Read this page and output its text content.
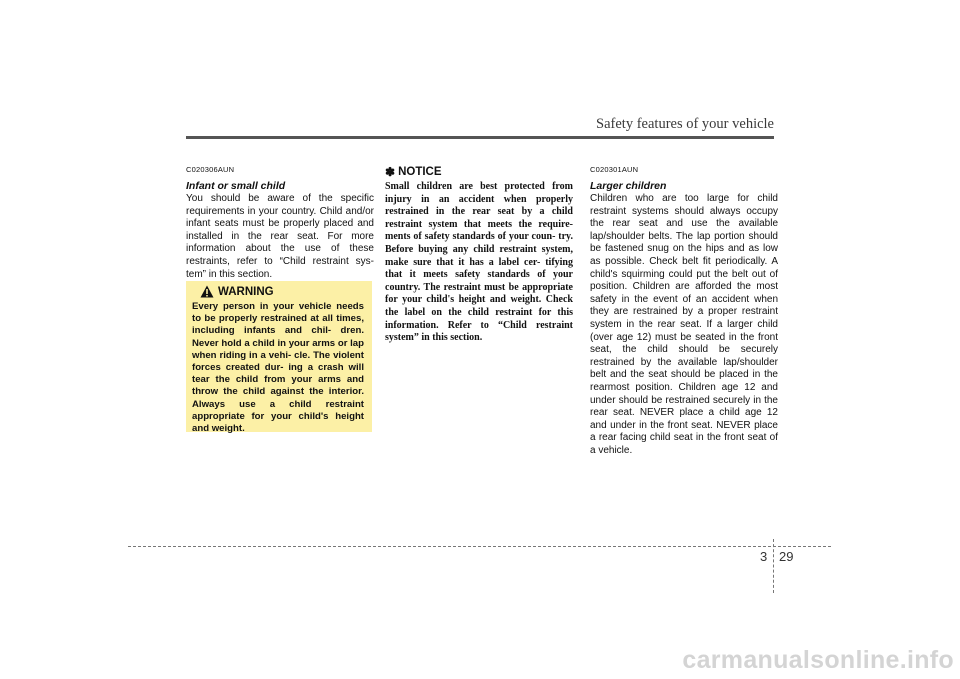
Safety features of your vehicle

C020306AUN

Infant or small child

You should be aware of the specific requirements in your country. Child and/or infant seats must be properly placed and installed in the rear seat. For more information about the use of these restraints, refer to “Child restraint sys- tem” in this section.

WARNING

Every person in your vehicle needs to be properly restrained at all times, including infants and chil- dren. Never hold a child in your arms or lap when riding in a vehi- cle. The violent forces created dur- ing a crash will tear the child from your arms and throw the child against the interior. Always use a child restraint appropriate for your child's height and weight.

✽ NOTICE

Small children are best protected from injury in an accident when properly restrained in the rear seat by a child restraint system that meets the require- ments of safety standards of your coun- try. Before buying any child restraint system, make sure that it has a label cer- tifying that it meets safety standards of your country. The restraint must be appropriate for your child's height and weight. Check the label on the child restraint for this information. Refer to “Child restraint system” in this section.

C020301AUN

Larger children

Children who are too large for child restraint systems should always occupy the rear seat and use the available lap/shoulder belts. The lap portion should be fastened snug on the hips and as low as possible. Check belt fit periodically. A child's squirming could put the belt out of position. Children are afforded the most safety in the event of an accident when they are restrained by a proper restraint system in the rear seat. If a larger child (over age 12) must be seated in the front seat, the child should be securely restrained by the available lap/shoulder belt and the seat should be placed in the rearmost position. Children age 12 and under should be restrained securely in the rear seat. NEVER place a child age 12 and under in the front seat. NEVER place a rear facing child seat in the front seat of a vehicle.

3 29
carmanualsonline.info
